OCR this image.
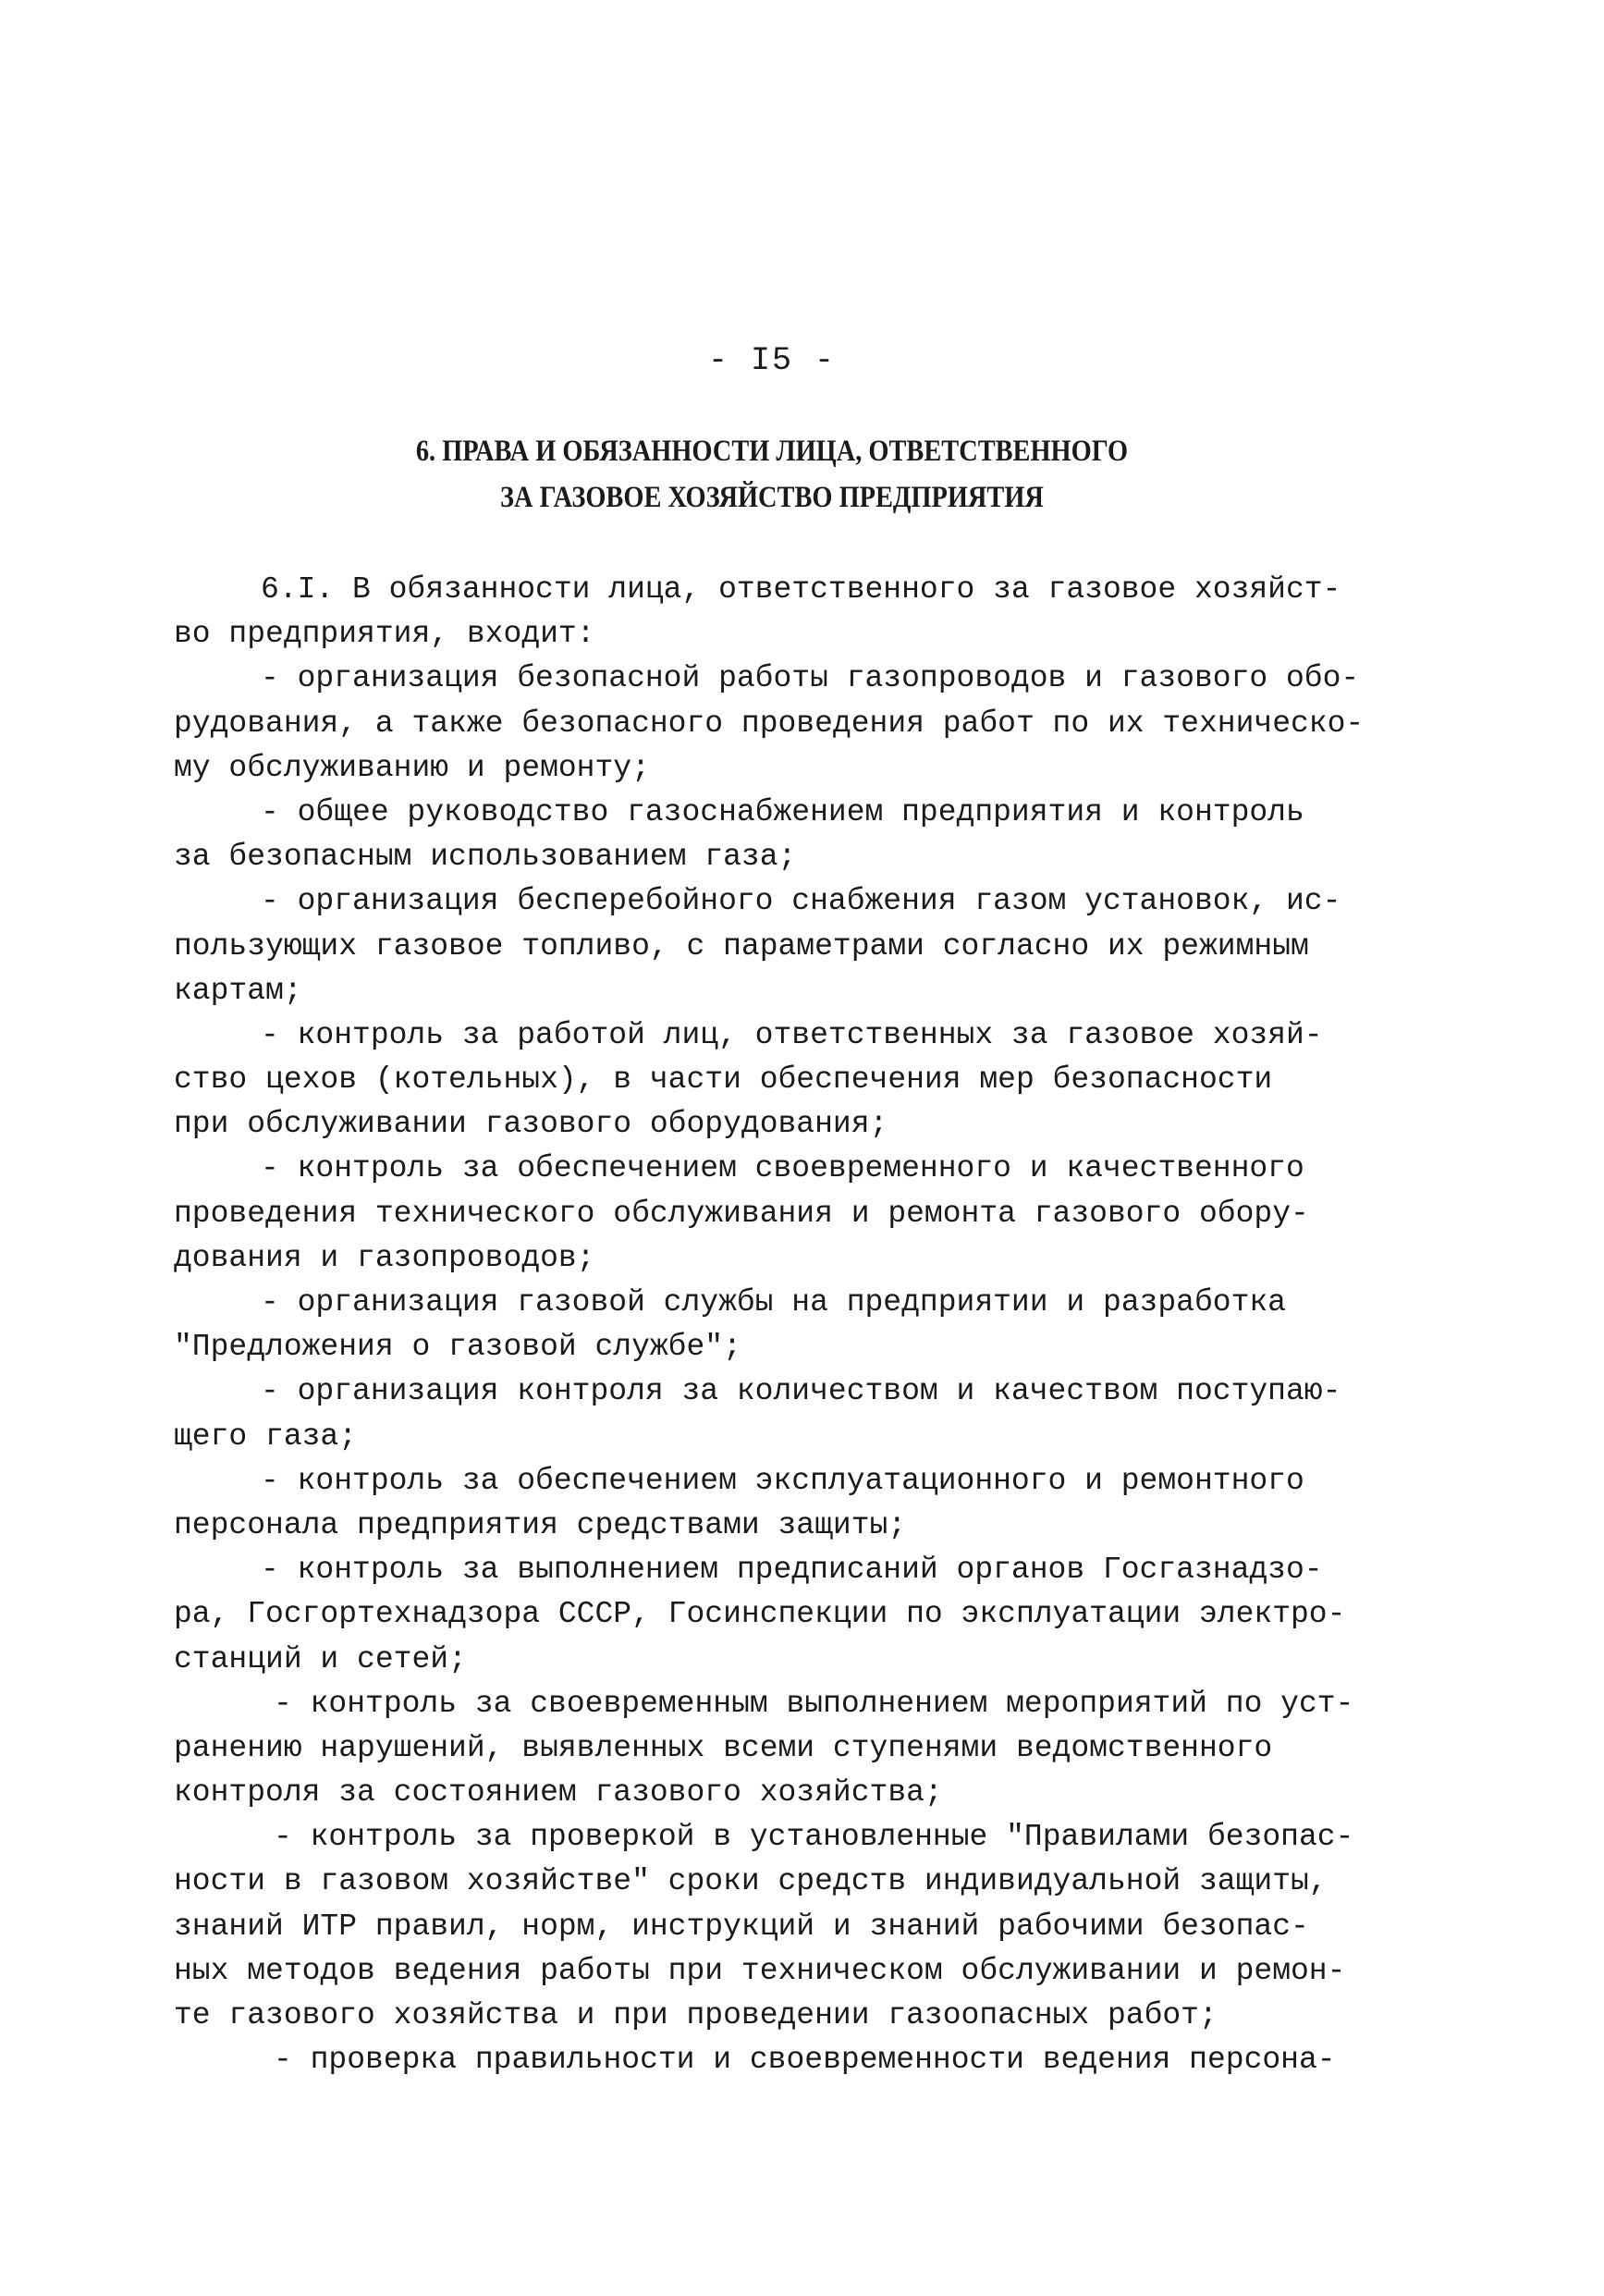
- I5 -
6. ПРАВА И ОБЯЗАННОСТИ ЛИЦА, ОТВЕТСТВЕННОГО
ЗА ГАЗОВОЕ ХОЗЯЙСТВО ПРЕДПРИЯТИЯ
6.I. В обязанности лица, ответственного за газовое хозяйст-
во предприятия, входит:
- организация безопасной работы газопроводов и газового обо-
рудования, а также безопасного проведения работ по их техническо-
му обслуживанию и ремонту;
- общее руководство газоснабжением предприятия и контроль
за безопасным использованием газа;
- организация бесперебойного снабжения газом установок, ис-
пользующих газовое топливо, с параметрами согласно их режимным
картам;
- контроль за работой лиц, ответственных за газовое хозяй-
ство цехов (котельных), в части обеспечения мер безопасности
при обслуживании газового оборудования;
- контроль за обеспечением своевременного и качественного
проведения технического обслуживания и ремонта газового обору-
дования и газопроводов;
- организация газовой службы на предприятии и разработка
"Предложения о газовой службе";
- организация контроля за количеством и качеством поступаю-
щего газа;
- контроль за обеспечением эксплуатационного и ремонтного
персонала предприятия средствами защиты;
- контроль за выполнением предписаний органов Госгазнадзо-
ра, Госгортехнадзора СССР, Госинспекции по эксплуатации электро-
станций и сетей;
- контроль за своевременным выполнением мероприятий по уст-
ранению нарушений, выявленных всеми ступенями ведомственного
контроля за состоянием газового хозяйства;
- контроль за проверкой в установленные "Правилами безопас-
ности в газовом хозяйстве" сроки средств индивидуальной защиты,
знаний ИТР правил, норм, инструкций и знаний рабочими безопас-
ных методов ведения работы при техническом обслуживании и ремон-
те газового хозяйства и при проведении газоопасных работ;
- проверка правильности и своевременности ведения персона-
